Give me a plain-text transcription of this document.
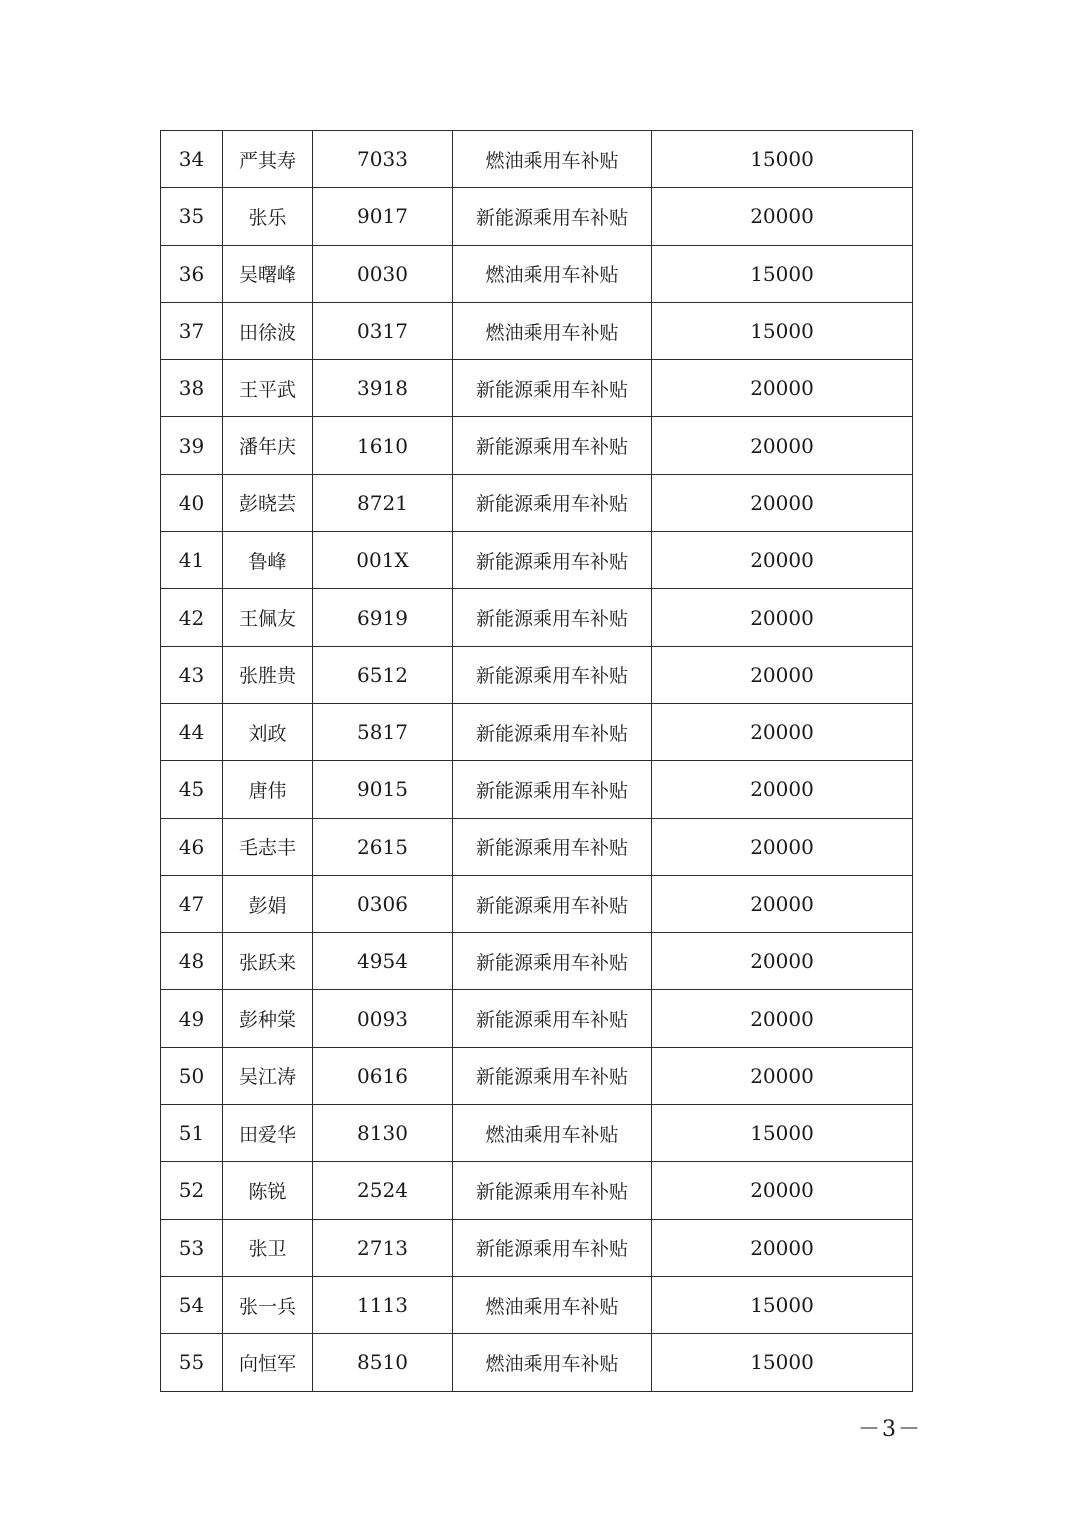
34	严其寿	7033	燃油乘用车补贴	15000
35	张乐	9017	新能源乘用车补贴	20000
36	吴曙峰	0030	燃油乘用车补贴	15000
37	田徐波	0317	燃油乘用车补贴	15000
38	王平武	3918	新能源乘用车补贴	20000
39	潘年庆	1610	新能源乘用车补贴	20000
40	彭晓芸	8721	新能源乘用车补贴	20000
41	鲁峰	001X	新能源乘用车补贴	20000
42	王佩友	6919	新能源乘用车补贴	20000
43	张胜贵	6512	新能源乘用车补贴	20000
44	刘政	5817	新能源乘用车补贴	20000
45	唐伟	9015	新能源乘用车补贴	20000
46	毛志丰	2615	新能源乘用车补贴	20000
47	彭娟	0306	新能源乘用车补贴	20000
48	张跃来	4954	新能源乘用车补贴	20000
49	彭种棠	0093	新能源乘用车补贴	20000
50	吴江涛	0616	新能源乘用车补贴	20000
51	田爱华	8130	燃油乘用车补贴	15000
52	陈锐	2524	新能源乘用车补贴	20000
53	张卫	2713	新能源乘用车补贴	20000
54	张一兵	1113	燃油乘用车补贴	15000
55	向恒军	8510	燃油乘用车补贴	15000
－3－
